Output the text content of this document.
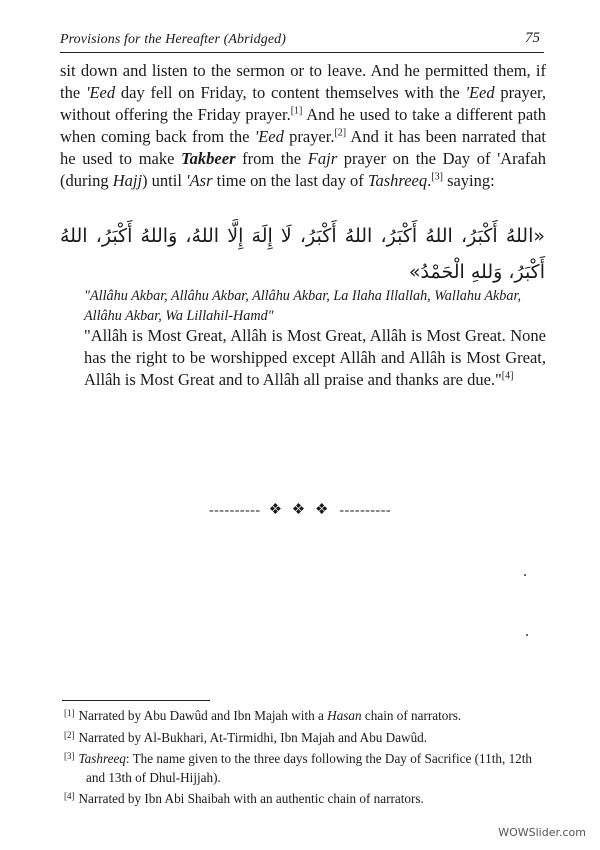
Provisions for the Hereafter (Abridged)	75

sit down and listen to the sermon or to leave. And he permitted them, if the 'Eed day fell on Friday, to content themselves with the 'Eed prayer, without offering the Friday prayer.[1] And he used to take a different path when coming back from the 'Eed prayer.[2] And it has been narrated that he used to make Takbeer from the Fajr prayer on the Day of 'Arafah (during Hajj) until 'Asr time on the last day of Tashreeq.[3] saying:

«اللهُ أَكْبَرُ، اللهُ أَكْبَرُ، اللهُ أَكْبَرُ، لَا إِلَهَ إِلَّا اللهُ، وَاللهُ أَكْبَرُ، اللهُ أَكْبَرُ، وَللهِ الْحَمْدُ»
"Allâhu Akbar, Allâhu Akbar, Allâhu Akbar, La Ilaha Illallah, Wallahu Akbar, Allâhu Akbar, Wa Lillahil-Hamd"
"Allâh is Most Great, Allâh is Most Great, Allâh is Most Great. None has the right to be worshipped except Allâh and Allâh is Most Great, Allâh is Most Great and to Allâh all praise and thanks are due."[4]
---------- ❖ ❖ ❖ ----------

[1] Narrated by Abu Dawûd and Ibn Majah with a Hasan chain of narrators.

[2] Narrated by Al-Bukhari, At-Tirmidhi, Ibn Majah and Abu Dawûd.

[3] Tashreeq: The name given to the three days following the Day of Sacrifice (11th, 12th and 13th of Dhul-Hijjah).

[4] Narrated by Ibn Abi Shaibah with an authentic chain of narrators.

WOWSlider.com
